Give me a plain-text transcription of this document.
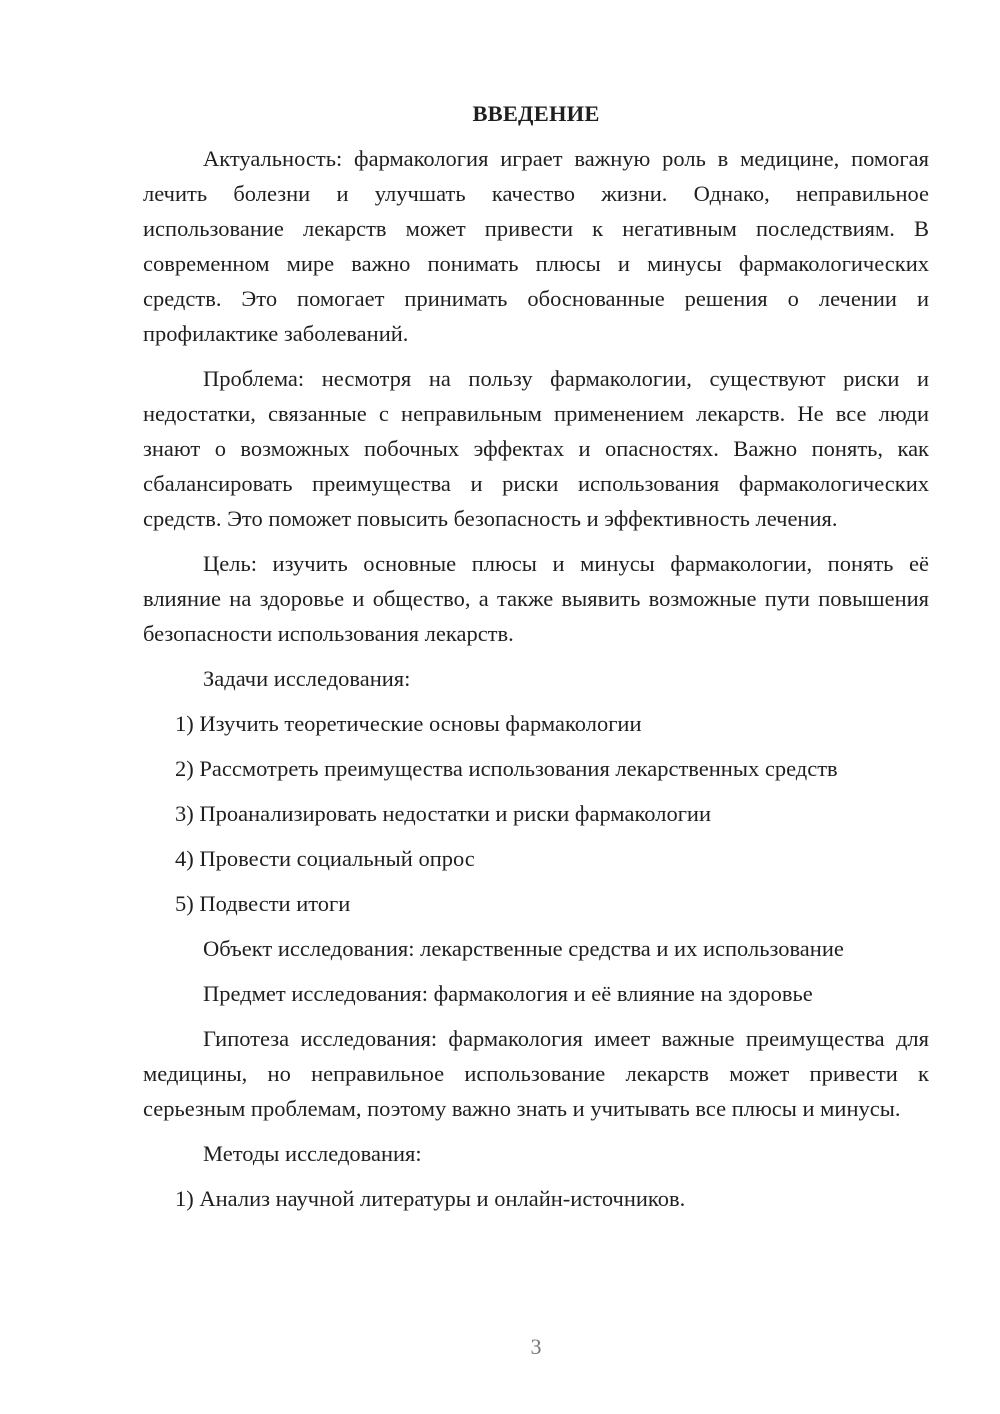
ВВЕДЕНИЕ

Актуальность: фармакология играет важную роль в медицине, помогая лечить болезни и улучшать качество жизни. Однако, неправильное использование лекарств может привести к негативным последствиям. В современном мире важно понимать плюсы и минусы фармакологических средств. Это помогает принимать обоснованные решения о лечении и профилактике заболеваний.

Проблема: несмотря на пользу фармакологии, существуют риски и недостатки, связанные с неправильным применением лекарств. Не все люди знают о возможных побочных эффектах и опасностях. Важно понять, как сбалансировать преимущества и риски использования фармакологических средств. Это поможет повысить безопасность и эффективность лечения.

Цель: изучить основные плюсы и минусы фармакологии, понять её влияние на здоровье и общество, а также выявить возможные пути повышения безопасности использования лекарств.

Задачи исследования:
1) Изучить теоретические основы фармакологии
2) Рассмотреть преимущества использования лекарственных средств
3) Проанализировать недостатки и риски фармакологии
4) Провести социальный опрос
5) Подвести итоги
Объект исследования: лекарственные средства и их использование
Предмет исследования: фармакология и её влияние на здоровье

Гипотеза исследования: фармакология имеет важные преимущества для медицины, но неправильное использование лекарств может привести к серьезным проблемам, поэтому важно знать и учитывать все плюсы и минусы.

Методы исследования:
1) Анализ научной литературы и онлайн-источников.
3
